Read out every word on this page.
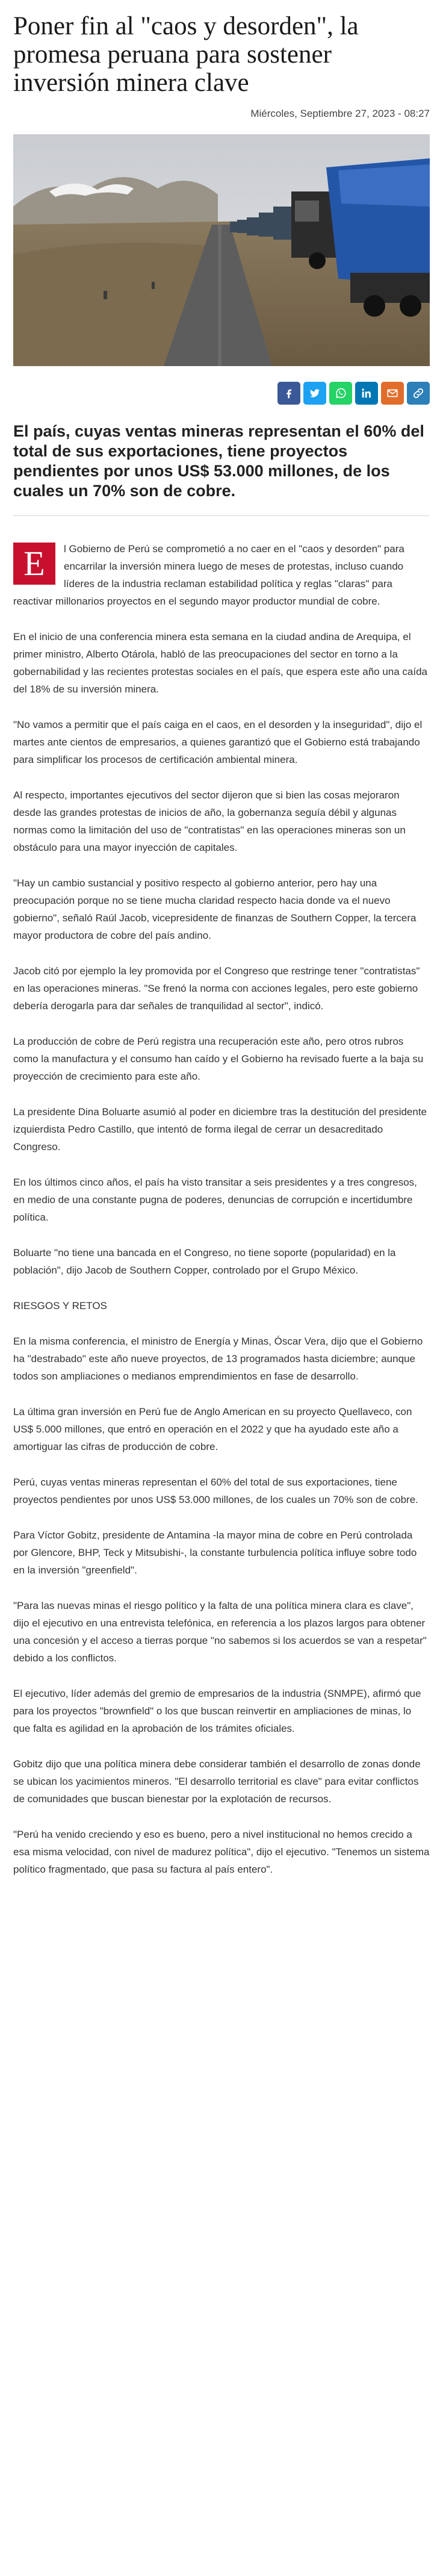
Poner fin al "caos y desorden", la promesa peruana para sostener inversión minera clave
Miércoles, Septiembre 27, 2023 - 08:27

El país, cuyas ventas mineras representan el 60% del total de sus exportaciones, tiene proyectos pendientes por unos US$ 53.000 millones, de los cuales un 70% son de cobre.

E	l Gobierno de Perú se comprometió a no caer en el "caos y desorden" para encarrilar la inversión minera luego de meses de protestas, incluso cuando líderes de la industria reclaman estabilidad política y reglas "claras" para reactivar millonarios proyectos en el segundo mayor productor mundial de cobre.

En el inicio de una conferencia minera esta semana en la ciudad andina de Arequipa, el primer ministro, Alberto Otárola, habló de las preocupaciones del sector en torno a la gobernabilidad y las recientes protestas sociales en el país, que espera este año una caída del 18% de su inversión minera.

"No vamos a permitir que el país caiga en el caos, en el desorden y la inseguridad", dijo el martes ante cientos de empresarios, a quienes garantizó que el Gobierno está trabajando para simplificar los procesos de certificación ambiental minera.

Al respecto, importantes ejecutivos del sector dijeron que si bien las cosas mejoraron desde las grandes protestas de inicios de año, la gobernanza seguía débil y algunas normas como la limitación del uso de "contratistas" en las operaciones mineras son un obstáculo para una mayor inyección de capitales.

"Hay un cambio sustancial y positivo respecto al gobierno anterior, pero hay una preocupación porque no se tiene mucha claridad respecto hacia donde va el nuevo gobierno", señaló Raúl Jacob, vicepresidente de finanzas de Southern Copper, la tercera mayor productora de cobre del país andino.

Jacob citó por ejemplo la ley promovida por el Congreso que restringe tener "contratistas" en las operaciones mineras. "Se frenó la norma con acciones legales, pero este gobierno debería derogarla para dar señales de tranquilidad al sector", indicó.

La producción de cobre de Perú registra una recuperación este año, pero otros rubros como la manufactura y el consumo han caído y el Gobierno ha revisado fuerte a la baja su proyección de crecimiento para este año.

La presidente Dina Boluarte asumió al poder en diciembre tras la destitución del presidente izquierdista Pedro Castillo, que intentó de forma ilegal de cerrar un desacreditado Congreso.

En los últimos cinco años, el país ha visto transitar a seis presidentes y a tres congresos, en medio de una constante pugna de poderes, denuncias de corrupción e incertidumbre política.

Boluarte "no tiene una bancada en el Congreso, no tiene soporte (popularidad) en la población", dijo Jacob de Southern Copper, controlado por el Grupo México.

RIESGOS Y RETOS

En la misma conferencia, el ministro de Energía y Minas, Óscar Vera, dijo que el Gobierno ha "destrabado" este año nueve proyectos, de 13 programados hasta diciembre; aunque todos son ampliaciones o medianos emprendimientos en fase de desarrollo.

La última gran inversión en Perú fue de Anglo American en su proyecto Quellaveco, con US$ 5.000 millones, que entró en operación en el 2022 y que ha ayudado este año a amortiguar las cifras de producción de cobre.

Perú, cuyas ventas mineras representan el 60% del total de sus exportaciones, tiene proyectos pendientes por unos US$ 53.000 millones, de los cuales un 70% son de cobre.

Para Víctor Gobitz, presidente de Antamina -la mayor mina de cobre en Perú controlada por Glencore, BHP, Teck y Mitsubishi-, la constante turbulencia política influye sobre todo en la inversión "greenfield".

"Para las nuevas minas el riesgo político y la falta de una política minera clara es clave", dijo el ejecutivo en una entrevista telefónica, en referencia a los plazos largos para obtener una concesión y el acceso a tierras porque "no sabemos si los acuerdos se van a respetar" debido a los conflictos.

El ejecutivo, líder además del gremio de empresarios de la industria (SNMPE), afirmó que para los proyectos "brownfield" o los que buscan reinvertir en ampliaciones de minas, lo que falta es agilidad en la aprobación de los trámites oficiales.

Gobitz dijo que una política minera debe considerar también el desarrollo de zonas donde se ubican los yacimientos mineros. "El desarrollo territorial es clave" para evitar conflictos de comunidades que buscan bienestar por la explotación de recursos.

"Perú ha venido creciendo y eso es bueno, pero a nivel institucional no hemos crecido a esa misma velocidad, con nivel de madurez política", dijo el ejecutivo. "Tenemos un sistema político fragmentado, que pasa su factura al país entero".
